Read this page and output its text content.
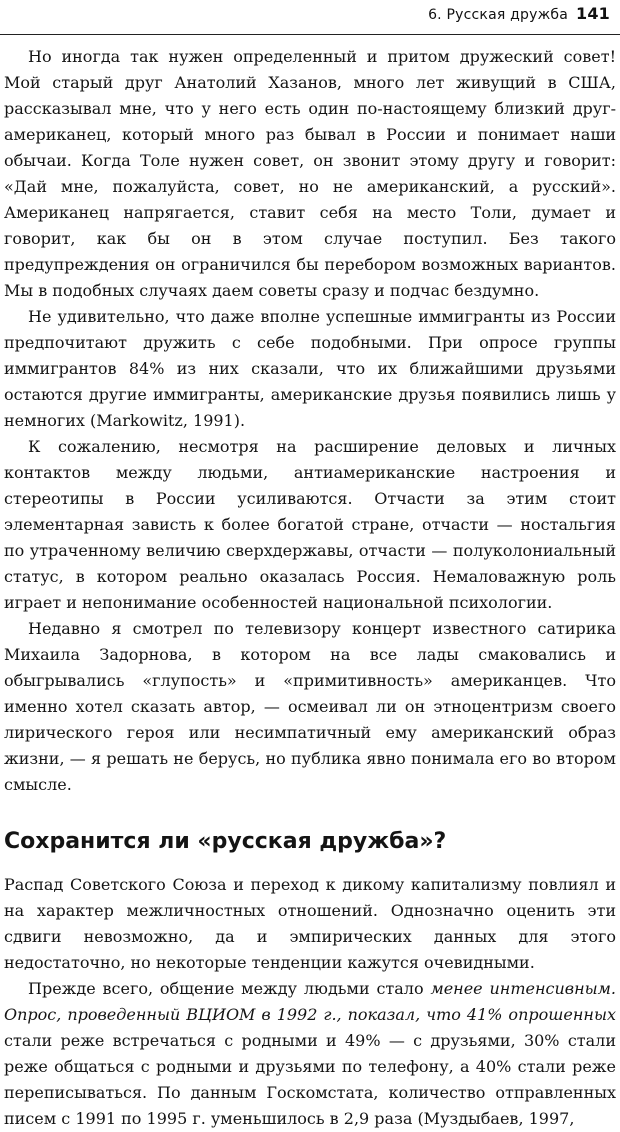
6. Русская дружба 141

Но иногда так нужен определенный и притом дружеский совет! Мой старый друг Анатолий Хазанов, много лет живущий в США, рассказывал мне, что у него есть один по-настоящему близкий друг-американец, который много раз бывал в России и понимает наши обычаи. Когда Толе нужен совет, он звонит этому другу и говорит: «Дай мне, пожалуйста, совет, но не американский, а русский». Американец напрягается, ставит себя на место Толи, думает и говорит, как бы он в этом случае поступил. Без такого предупреждения он ограничился бы перебором возможных вариантов. Мы в подобных случаях даем советы сразу и подчас бездумно.

Не удивительно, что даже вполне успешные иммигранты из России предпочитают дружить с себе подобными. При опросе группы иммигрантов 84% из них сказали, что их ближайшими друзьями остаются другие иммигранты, американские друзья появились лишь у немногих (Markowitz, 1991).

К сожалению, несмотря на расширение деловых и личных контактов между людьми, антиамериканские настроения и стереотипы в России усиливаются. Отчасти за этим стоит элементарная зависть к более богатой стране, отчасти — ностальгия по утраченному величию сверхдержавы, отчасти — полуколониальный статус, в котором реально оказалась Россия. Немаловажную роль играет и непонимание особенностей национальной психологии.

Недавно я смотрел по телевизору концерт известного сатирика Михаила Задорнова, в котором на все лады смаковались и обыгрывались «глупость» и «примитивность» американцев. Что именно хотел сказать автор, — осмеивал ли он этноцентризм своего лирического героя или несимпатичный ему американский образ жизни, — я решать не берусь, но публика явно понимала его во втором смысле.

Сохранится ли «русская дружба»?

Распад Советского Союза и переход к дикому капитализму повлиял и на характер межличностных отношений. Однозначно оценить эти сдвиги невозможно, да и эмпирических данных для этого недостаточно, но некоторые тенденции кажутся очевидными.

Прежде всего, общение между людьми стало менее интенсивным. Опрос, проведенный ВЦИОМ в 1992 г., показал, что 41% опрошенных стали реже встречаться с родными и 49% — с друзьями, 30% стали реже общаться с родными и друзьями по телефону, а 40% стали реже переписываться. По данным Госкомстата, количество отправленных писем с 1991 по 1995 г. уменьшилось в 2,9 раза (Муздыбаев, 1997,
